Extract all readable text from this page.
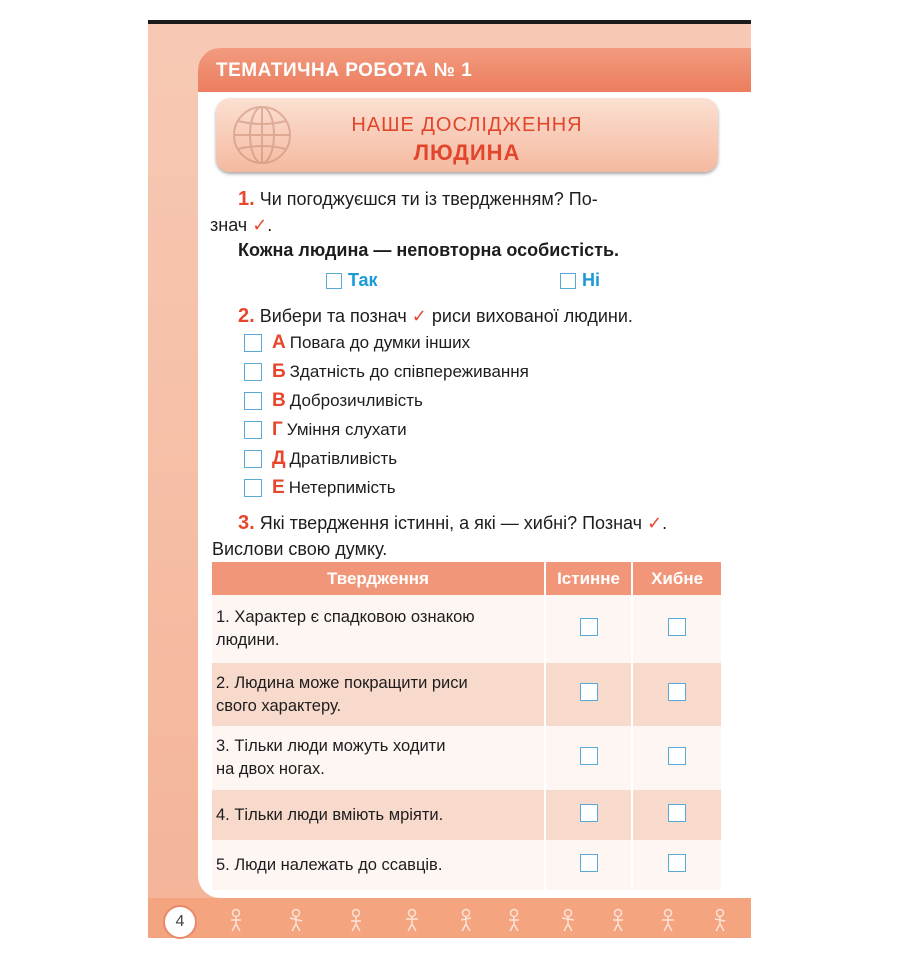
ТЕМАТИЧНА РОБОТА № 1
НАШЕ ДОСЛІДЖЕННЯ
ЛЮДИНА
1. Чи погоджуєшся ти із твердженням? По-
знач ✓.
Кожна людина — неповторна особистість.
Так	Ні
2. Вибери та познач ✓ риси вихованої людини.
А Повага до думки інших
Б Здатність до співпереживання
В Доброзичливість
Г Уміння слухати
Д Дратівливість
Е Нетерпимість
3. Які твердження істинні, а які — хибні? Познач ✓.
Вислови свою думку.
Твердження	Істинне	Хибне
1. Характер є спадковою ознакою
людини.		
2. Людина може покращити риси
свого характеру.		
3. Тільки люди можуть ходити
на двох ногах.		
4. Тільки люди вміють мріяти.		
5. Люди належать до ссавців.		
4
